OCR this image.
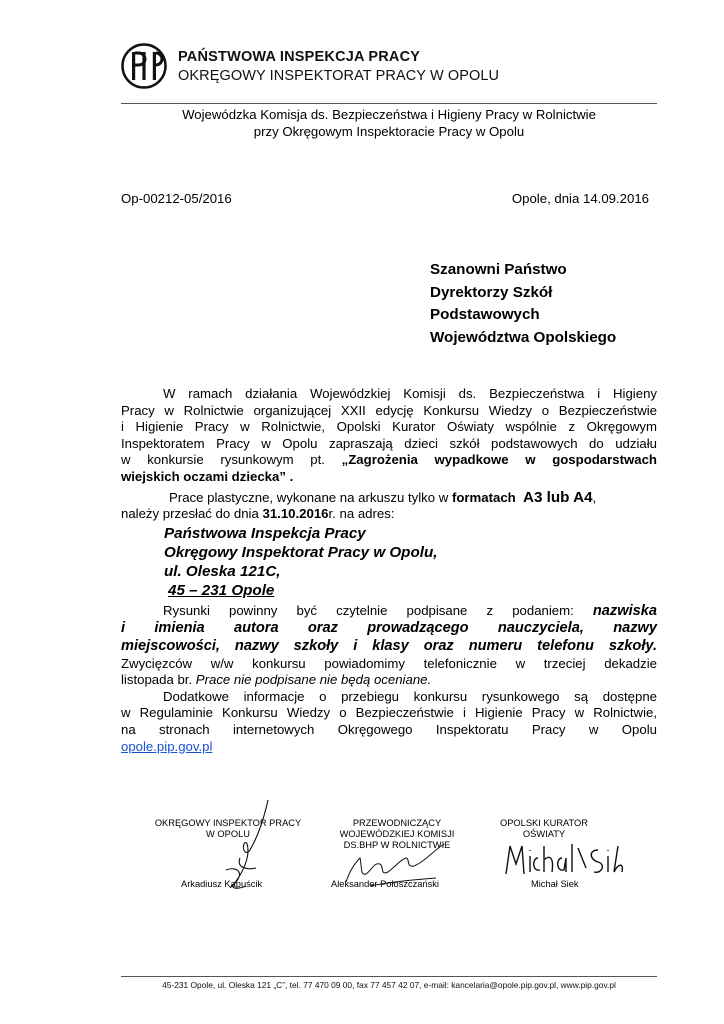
PAŃSTWOWA INSPEKCJA PRACY
OKRĘGOWY INSPEKTORAT PRACY W OPOLU
Wojewódzka Komisja ds. Bezpieczeństwa i Higieny Pracy w Rolnictwie
przy Okręgowym Inspektoracie Pracy w Opolu
Op-00212-05/2016	Opole, dnia 14.09.2016
Szanowni Państwo
Dyrektorzy Szkół
Podstawowych
Województwa Opolskiego
W ramach działania Wojewódzkiej Komisji ds. Bezpieczeństwa i Higieny
Pracy w Rolnictwie organizującej XXII edycję Konkursu Wiedzy o Bezpieczeństwie
i Higienie Pracy w Rolnictwie, Opolski Kurator Oświaty wspólnie z Okręgowym
Inspektoratem Pracy w Opolu zapraszają dzieci szkół podstawowych do udziału
w konkursie rysunkowym pt. „Zagrożenia wypadkowe w gospodarstwach
wiejskich oczami dziecka” .
Prace plastyczne, wykonane na arkuszu tylko w formatach A3 lub A4,
należy przesłać do dnia 31.10.2016r. na adres:
Państwowa Inspekcja Pracy
Okręgowy Inspektorat Pracy w Opolu,
ul. Oleska 121C,
45 – 231 Opole
Rysunki powinny być czytelnie podpisane z podaniem: nazwiska
i imienia autora oraz prowadzącego nauczyciela, nazwy
miejscowości, nazwy szkoły i klasy oraz numeru telefonu szkoły.
Zwycięzców w/w konkursu powiadomimy telefonicznie w trzeciej dekadzie
listopada br. Prace nie podpisane nie będą oceniane.
Dodatkowe informacje o przebiegu konkursu rysunkowego są dostępne
w Regulaminie Konkursu Wiedzy o Bezpieczeństwie i Higienie Pracy w Rolnictwie,
na stronach internetowych Okręgowego Inspektoratu Pracy w Opolu
opole.pip.gov.pl
OKRĘGOWY INSPEKTOR PRACY
W OPOLU
Arkadiusz Kapuścik
PRZEWODNICZĄCY
WOJEWÓDZKIEJ KOMISJI
DS.BHP W ROLNICTWIE
Aleksander Połoszczański
OPOLSKI KURATOR
OŚWIATY
Michał Siek
45-231 Opole, ul. Oleska 121 „C”, tel. 77 470 09 00, fax 77 457 42 07, e-mail: kancelaria@opole.pip.gov.pl, www.pip.gov.pl
